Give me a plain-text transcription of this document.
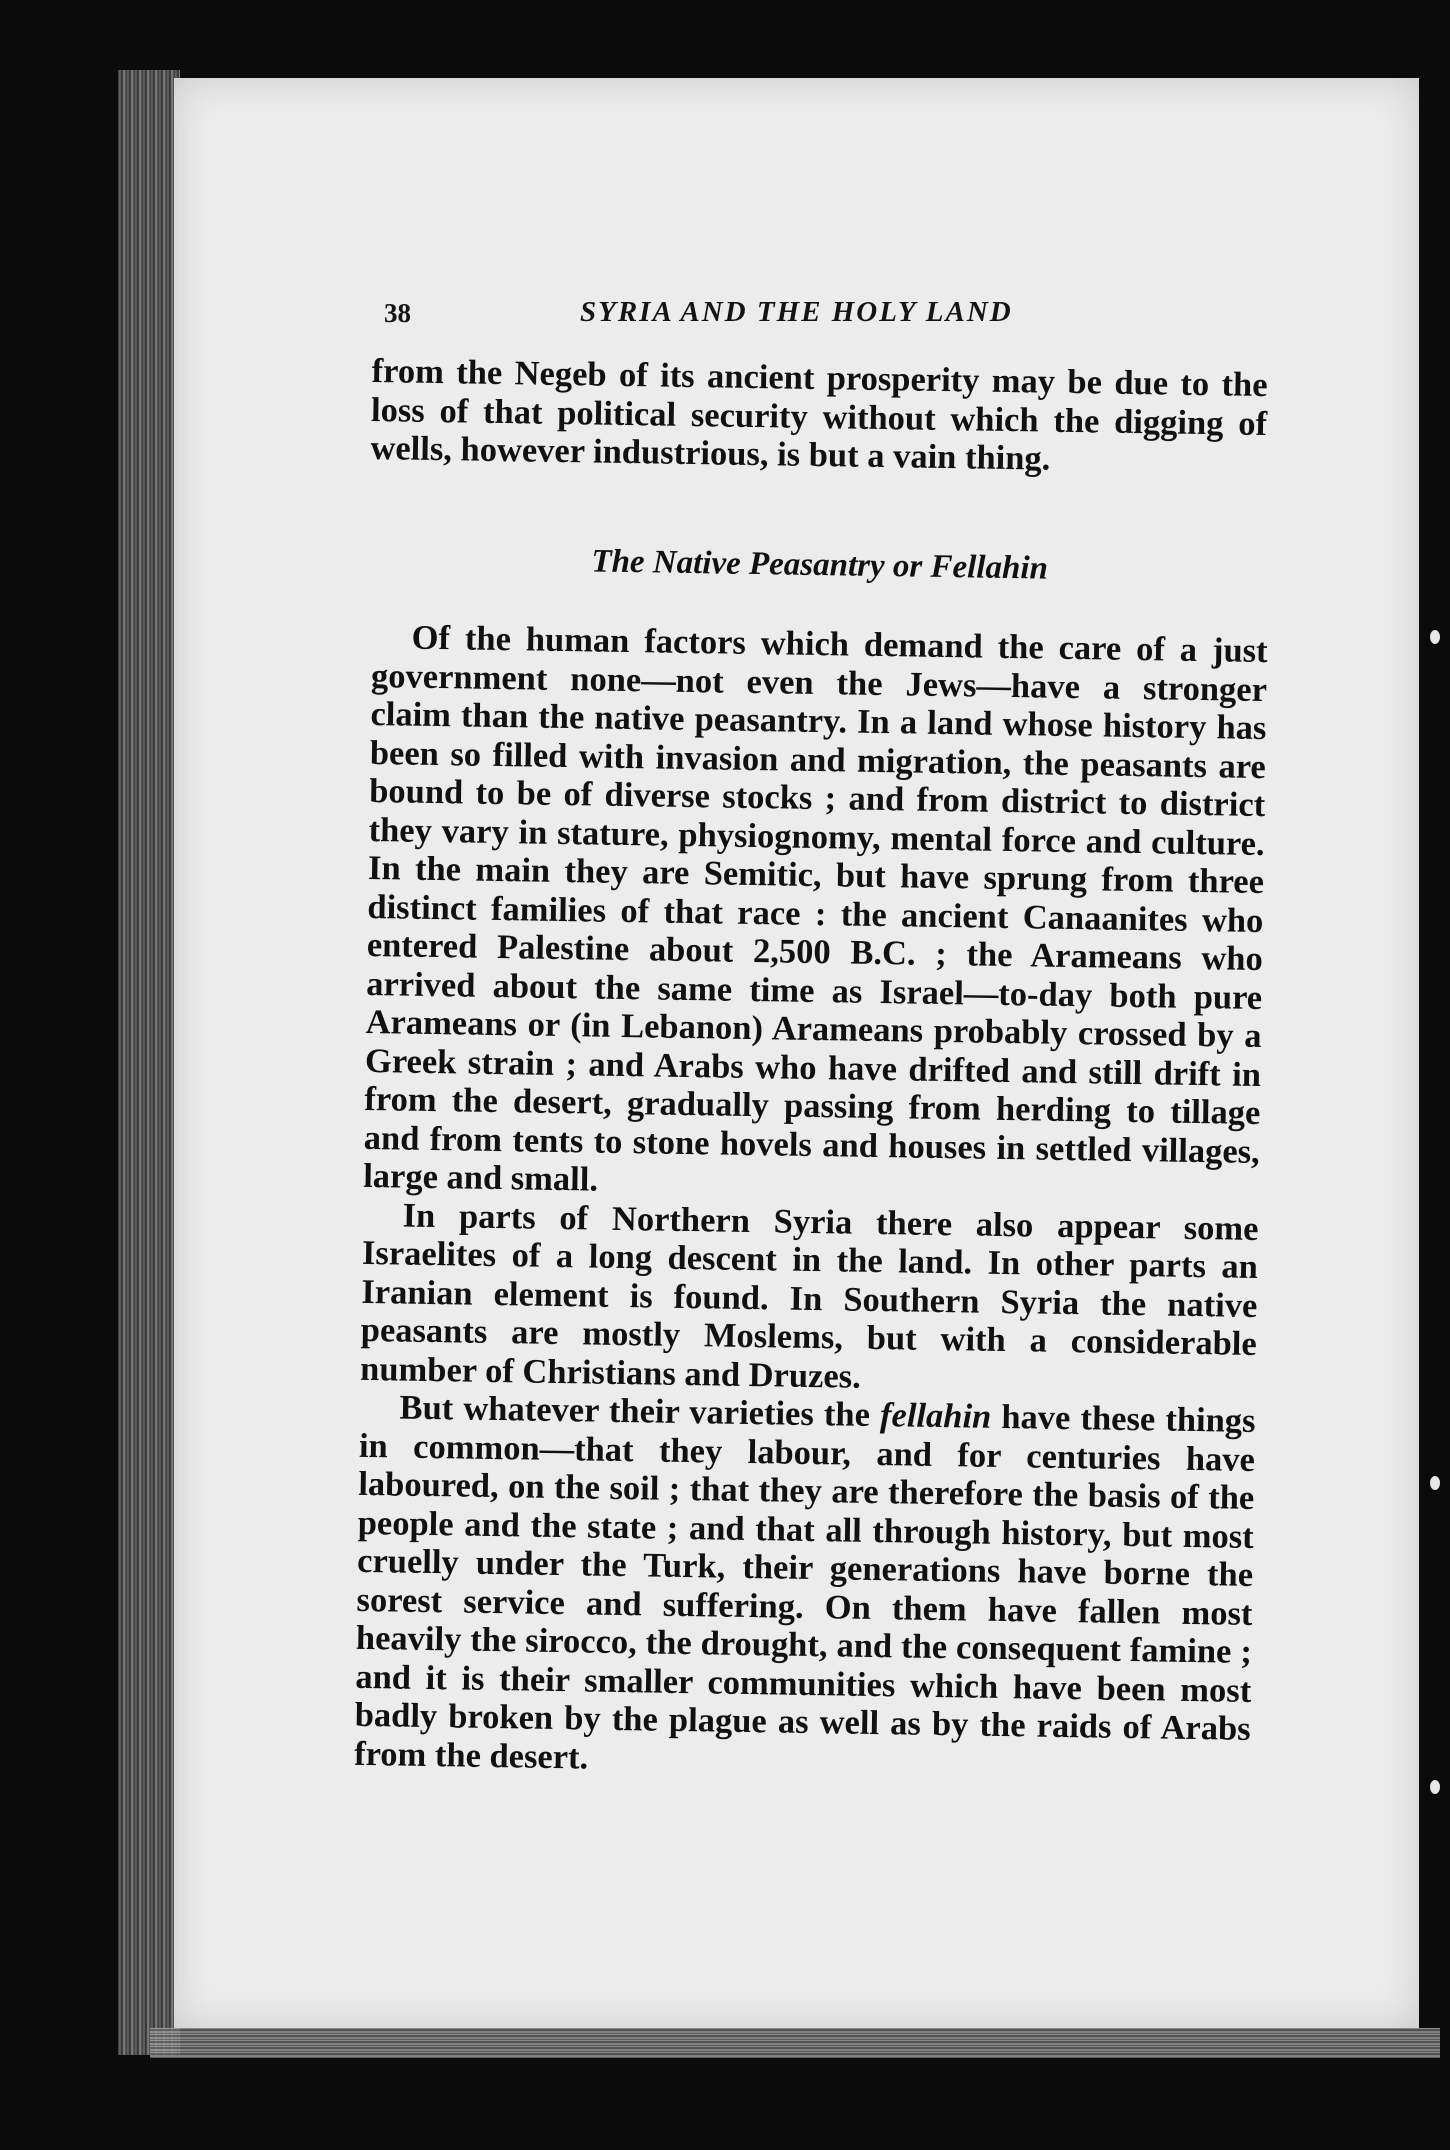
38	SYRIA AND THE HOLY LAND

from the Negeb of its ancient prosperity may be due to the loss of that political security without which the digging of wells, however industrious, is but a vain thing.

The Native Peasantry or Fellahin

Of the human factors which demand the care of a just government none—not even the Jews—have a stronger claim than the native peasantry. In a land whose history has been so filled with invasion and migration, the peasants are bound to be of diverse stocks ; and from district to district they vary in stature, physiognomy, mental force and culture. In the main they are Semitic, but have sprung from three distinct families of that race : the ancient Canaanites who entered Palestine about 2,500 B.C. ; the Arameans who arrived about the same time as Israel—to-day both pure Arameans or (in Lebanon) Arameans probably crossed by a Greek strain ; and Arabs who have drifted and still drift in from the desert, gradually passing from herding to tillage and from tents to stone hovels and houses in settled villages, large and small.

In parts of Northern Syria there also appear some Israelites of a long descent in the land. In other parts an Iranian element is found. In Southern Syria the native peasants are mostly Moslems, but with a considerable number of Christians and Druzes.

But whatever their varieties the fellahin have these things in common—that they labour, and for centuries have laboured, on the soil ; that they are therefore the basis of the people and the state ; and that all through history, but most cruelly under the Turk, their generations have borne the sorest service and suffering. On them have fallen most heavily the sirocco, the drought, and the consequent famine ; and it is their smaller communities which have been most badly broken by the plague as well as by the raids of Arabs from the desert.
